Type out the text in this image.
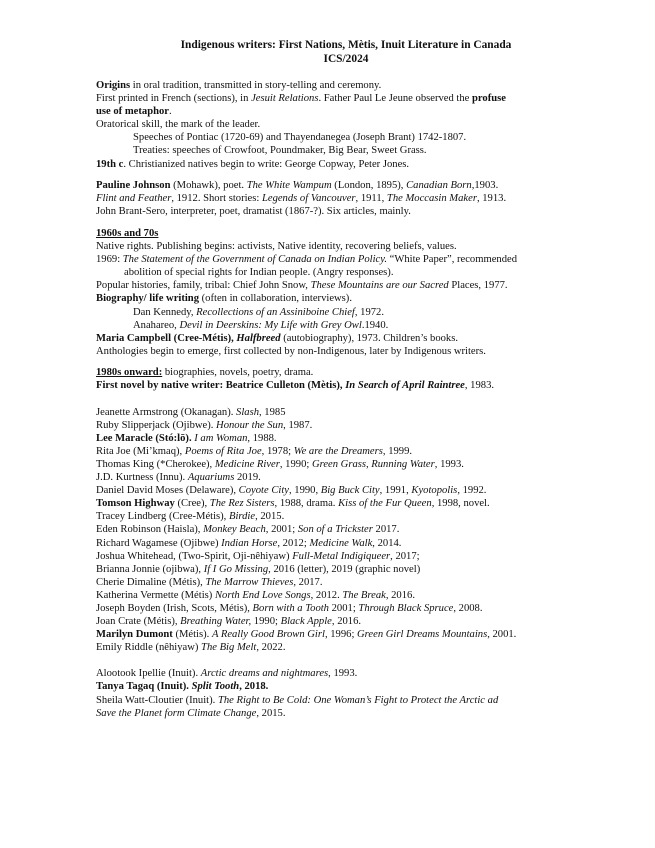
Indigenous writers: First Nations, Mètis, Inuit Literature in Canada
ICS/2024
Origins in oral tradition, transmitted in story-telling and ceremony.
First printed in French (sections), in Jesuit Relations. Father Paul Le Jeune observed the profuse
use of metaphor.
Oratorical skill, the mark of the leader.
Speeches of Pontiac (1720-69) and Thayendanegea (Joseph Brant) 1742-1807.
Treaties: speeches of Crowfoot, Poundmaker, Big Bear, Sweet Grass.
19th c. Christianized natives begin to write: George Copway, Peter Jones.
Pauline Johnson (Mohawk), poet. The White Wampum (London, 1895), Canadian Born,1903.
Flint and Feather, 1912. Short stories: Legends of Vancouver, 1911, The Moccasin Maker, 1913.
John Brant-Sero, interpreter, poet, dramatist (1867-?). Six articles, mainly.
1960s and 70s
Native rights. Publishing begins: activists, Native identity, recovering beliefs, values.
1969: The Statement of the Government of Canada on Indian Policy. “White Paper”, recommended
abolition of special rights for Indian people. (Angry responses).
Popular histories, family, tribal: Chief John Snow, These Mountains are our Sacred Places, 1977.
Biography/ life writing (often in collaboration, interviews).
Dan Kennedy, Recollections of an Assiniboine Chief, 1972.
Anahareo, Devil in Deerskins: My Life with Grey Owl.1940.
Maria Campbell (Cree-Métis), Halfbreed (autobiography), 1973. Children’s books.
Anthologies begin to emerge, first collected by non-Indigenous, later by Indigenous writers.
1980s onward: biographies, novels, poetry, drama.
First novel by native writer: Beatrice Culleton (Mètis), In Search of April Raintree, 1983.
Jeanette Armstrong (Okanagan). Slash, 1985
Ruby Slipperjack (Ojibwe). Honour the Sun, 1987.
Lee Maracle (Stó:lō). I am Woman, 1988.
Rita Joe (Mi’kmaq), Poems of Rita Joe, 1978; We are the Dreamers, 1999.
Thomas King (*Cherokee), Medicine River, 1990; Green Grass, Running Water, 1993.
J.D. Kurtness (Innu). Aquariums 2019.
Daniel David Moses (Delaware), Coyote City, 1990, Big Buck City, 1991, Kyotopolis, 1992.
Tomson Highway (Cree), The Rez Sisters, 1988, drama. Kiss of the Fur Queen, 1998, novel.
Tracey Lindberg (Cree-Métis), Birdie, 2015.
Eden Robinson (Haisla), Monkey Beach, 2001; Son of a Trickster 2017.
Richard Wagamese (Ojibwe) Indian Horse, 2012; Medicine Walk, 2014.
Joshua Whitehead, (Two-Spirit, Oji-nêhiyaw) Full-Metal Indigiqueer, 2017;
Brianna Jonnie (ojibwa), If I Go Missing, 2016 (letter), 2019 (graphic novel)
Cherie Dimaline (Métis), The Marrow Thieves, 2017.
Katherina Vermette (Métis) North End Love Songs, 2012. The Break, 2016.
Joseph Boyden (Irish, Scots, Métis), Born with a Tooth 2001; Through Black Spruce, 2008.
Joan Crate (Métis), Breathing Water, 1990; Black Apple, 2016.
Marilyn Dumont (Métis). A Really Good Brown Girl, 1996; Green Girl Dreams Mountains, 2001.
Emily Riddle (nêhiyaw) The Big Melt, 2022.
Alootook Ipellie (Inuit). Arctic dreams and nightmares, 1993.
Tanya Tagaq (Inuit). Split Tooth, 2018.
Sheila Watt-Cloutier (Inuit). The Right to Be Cold: One Woman’s Fight to Protect the Arctic ad
Save the Planet form Climate Change, 2015.
